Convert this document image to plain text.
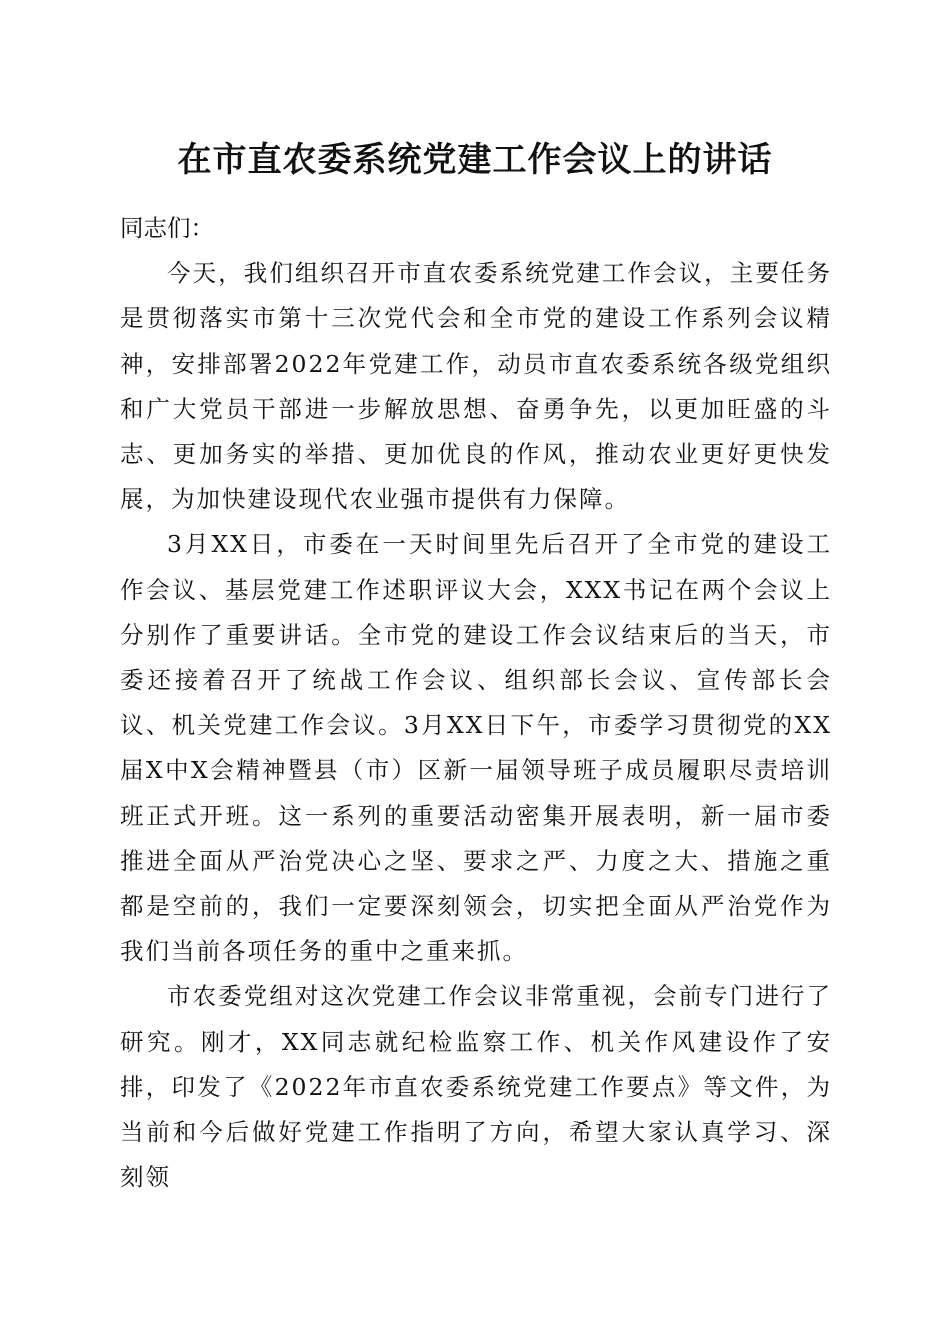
在市直农委系统党建工作会议上的讲话

同志们：

今天，我们组织召开市直农委系统党建工作会议，主要任务是贯彻落实市第十三次党代会和全市党的建设工作系列会议精神，安排部署2022年党建工作，动员市直农委系统各级党组织和广大党员干部进一步解放思想、奋勇争先，以更加旺盛的斗志、更加务实的举措、更加优良的作风，推动农业更好更快发展，为加快建设现代农业强市提供有力保障。

3月XX日，市委在一天时间里先后召开了全市党的建设工作会议、基层党建工作述职评议大会，XXX书记在两个会议上分别作了重要讲话。全市党的建设工作会议结束后的当天，市委还接着召开了统战工作会议、组织部长会议、宣传部长会议、机关党建工作会议。3月XX日下午，市委学习贯彻党的XX届X中X会精神暨县（市）区新一届领导班子成员履职尽责培训班正式开班。这一系列的重要活动密集开展表明，新一届市委推进全面从严治党决心之坚、要求之严、力度之大、措施之重都是空前的，我们一定要深刻领会，切实把全面从严治党作为我们当前各项任务的重中之重来抓。

市农委党组对这次党建工作会议非常重视，会前专门进行了研究。刚才，XX同志就纪检监察工作、机关作风建设作了安排，印发了《2022年市直农委系统党建工作要点》等文件，为当前和今后做好党建工作指明了方向，希望大家认真学习、深刻领
